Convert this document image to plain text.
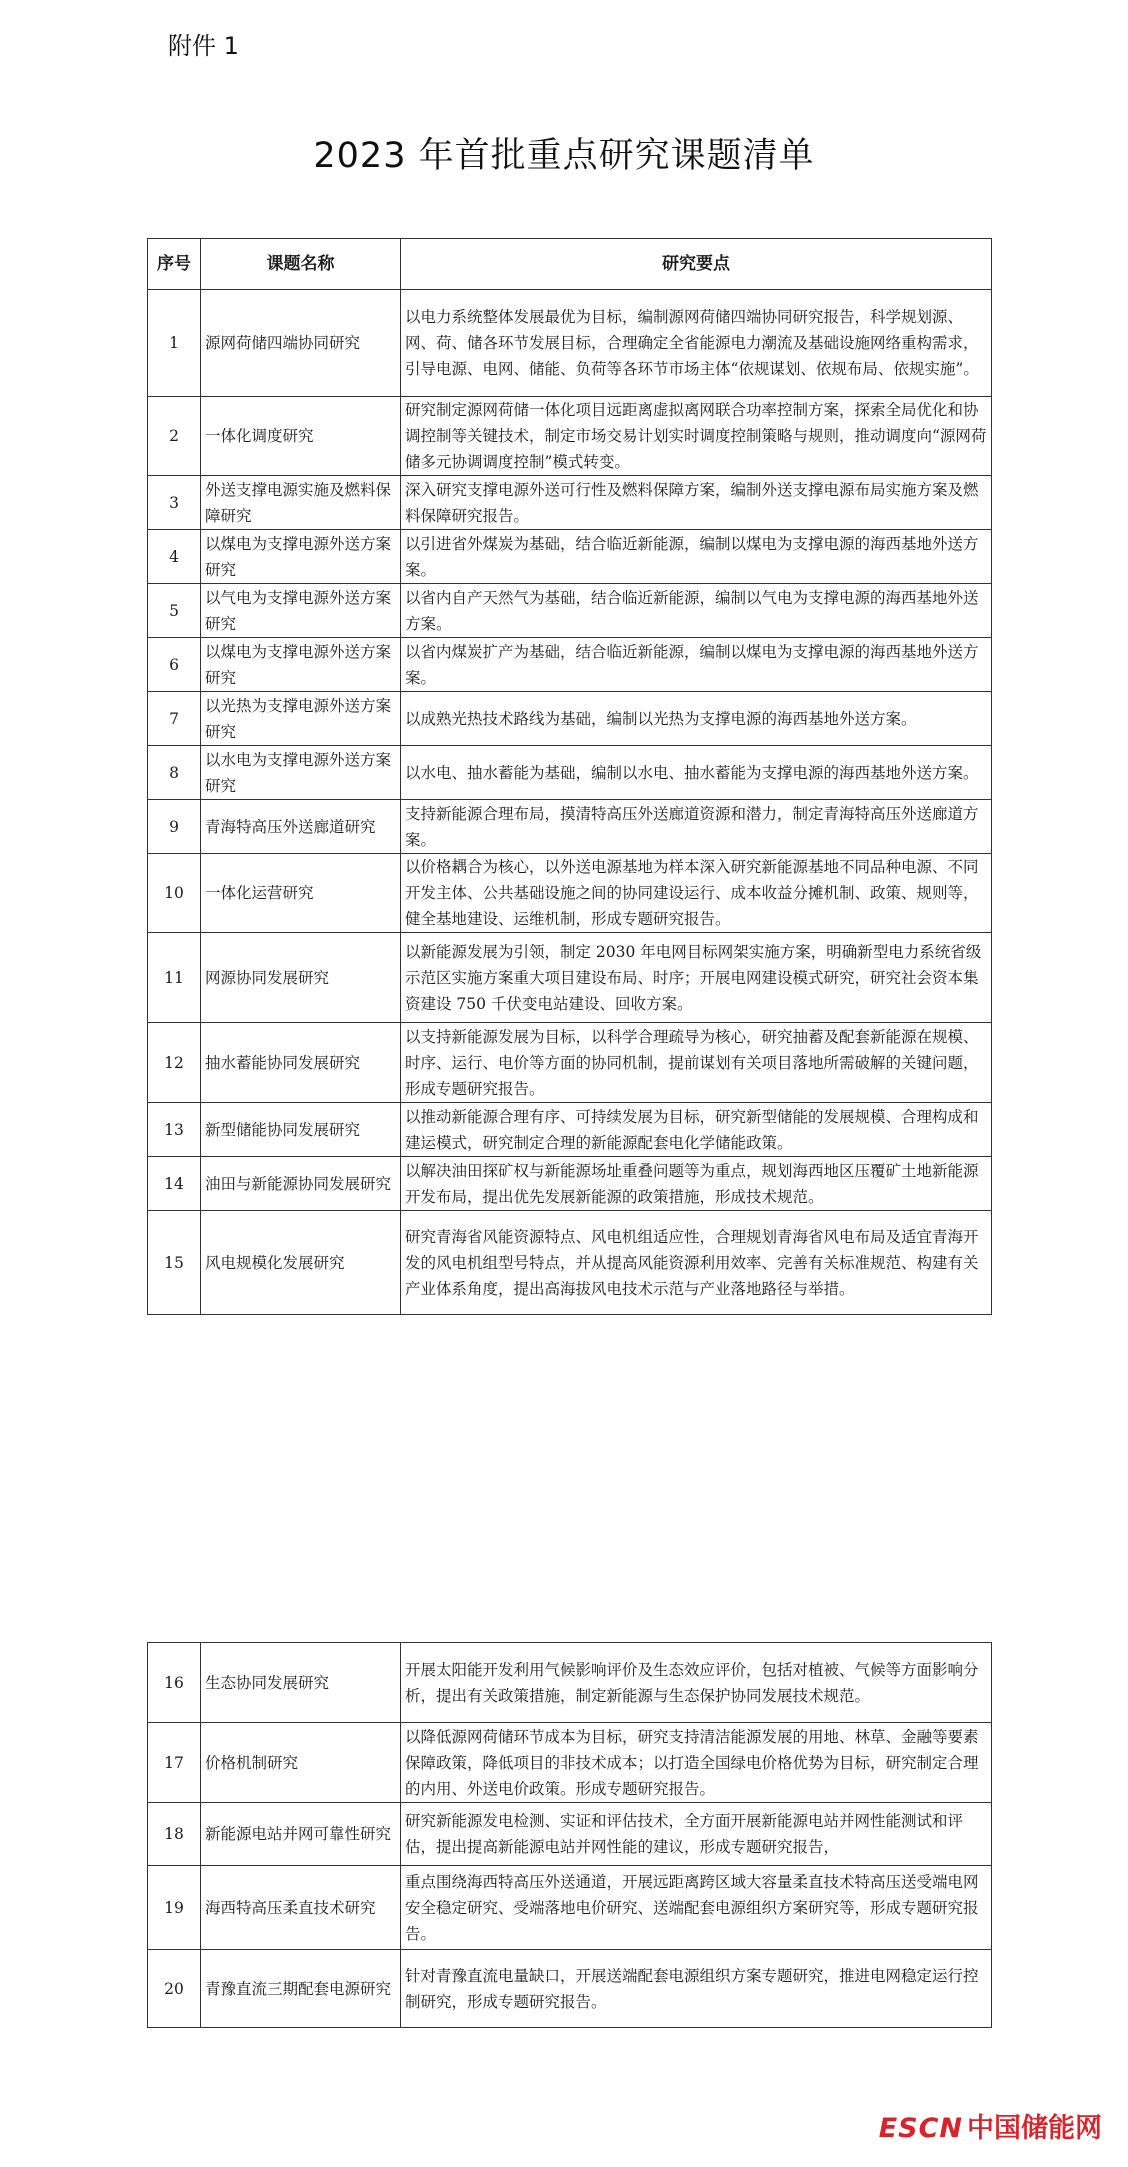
附件 1
2023 年首批重点研究课题清单
序号	课题名称	研究要点
1	源网荷储四端协同研究	以电力系统整体发展最优为目标，编制源网荷储四端协同研究报告，科学规划源、网、荷、储各环节发展目标，合理确定全省能源电力潮流及基础设施网络重构需求，引导电源、电网、储能、负荷等各环节市场主体“依规谋划、依规布局、依规实施”。
2	一体化调度研究	研究制定源网荷储一体化项目远距离虚拟离网联合功率控制方案，探索全局优化和协调控制等关键技术，制定市场交易计划实时调度控制策略与规则，推动调度向“源网荷储多元协调调度控制”模式转变。
3	外送支撑电源实施及燃料保障研究	深入研究支撑电源外送可行性及燃料保障方案，编制外送支撑电源布局实施方案及燃料保障研究报告。
4	以煤电为支撑电源外送方案研究	以引进省外煤炭为基础，结合临近新能源，编制以煤电为支撑电源的海西基地外送方案。
5	以气电为支撑电源外送方案研究	以省内自产天然气为基础，结合临近新能源，编制以气电为支撑电源的海西基地外送方案。
6	以煤电为支撑电源外送方案研究	以省内煤炭扩产为基础，结合临近新能源，编制以煤电为支撑电源的海西基地外送方案。
7	以光热为支撑电源外送方案研究	以成熟光热技术路线为基础，编制以光热为支撑电源的海西基地外送方案。
8	以水电为支撑电源外送方案研究	以水电、抽水蓄能为基础，编制以水电、抽水蓄能为支撑电源的海西基地外送方案。
9	青海特高压外送廊道研究	支持新能源合理布局，摸清特高压外送廊道资源和潜力，制定青海特高压外送廊道方案。
10	一体化运营研究	以价格耦合为核心，以外送电源基地为样本深入研究新能源基地不同品种电源、不同开发主体、公共基础设施之间的协同建设运行、成本收益分摊机制、政策、规则等，健全基地建设、运维机制，形成专题研究报告。
11	网源协同发展研究	以新能源发展为引领，制定 2030 年电网目标网架实施方案，明确新型电力系统省级示范区实施方案重大项目建设布局、时序；开展电网建设模式研究，研究社会资本集资建设 750 千伏变电站建设、回收方案。
12	抽水蓄能协同发展研究	以支持新能源发展为目标，以科学合理疏导为核心，研究抽蓄及配套新能源在规模、时序、运行、电价等方面的协同机制，提前谋划有关项目落地所需破解的关键问题，形成专题研究报告。
13	新型储能协同发展研究	以推动新能源合理有序、可持续发展为目标，研究新型储能的发展规模、合理构成和建运模式，研究制定合理的新能源配套电化学储能政策。
14	油田与新能源协同发展研究	以解决油田探矿权与新能源场址重叠问题等为重点，规划海西地区压覆矿土地新能源开发布局，提出优先发展新能源的政策措施，形成技术规范。
15	风电规模化发展研究	研究青海省风能资源特点、风电机组适应性，合理规划青海省风电布局及适宜青海开发的风电机组型号特点，并从提高风能资源利用效率、完善有关标准规范、构建有关产业体系角度，提出高海拔风电技术示范与产业落地路径与举措。
16	生态协同发展研究	开展太阳能开发利用气候影响评价及生态效应评价，包括对植被、气候等方面影响分析，提出有关政策措施，制定新能源与生态保护协同发展技术规范。
17	价格机制研究	以降低源网荷储环节成本为目标，研究支持清洁能源发展的用地、林草、金融等要素保障政策，降低项目的非技术成本；以打造全国绿电价格优势为目标，研究制定合理的内用、外送电价政策。形成专题研究报告。
18	新能源电站并网可靠性研究	研究新能源发电检测、实证和评估技术，全方面开展新能源电站并网性能测试和评估，提出提高新能源电站并网性能的建议，形成专题研究报告，
19	海西特高压柔直技术研究	重点围绕海西特高压外送通道，开展远距离跨区域大容量柔直技术特高压送受端电网安全稳定研究、受端落地电价研究、送端配套电源组织方案研究等，形成专题研究报告。
20	青豫直流三期配套电源研究	针对青豫直流电量缺口，开展送端配套电源组织方案专题研究，推进电网稳定运行控制研究，形成专题研究报告。
ESCN 中国储能网
